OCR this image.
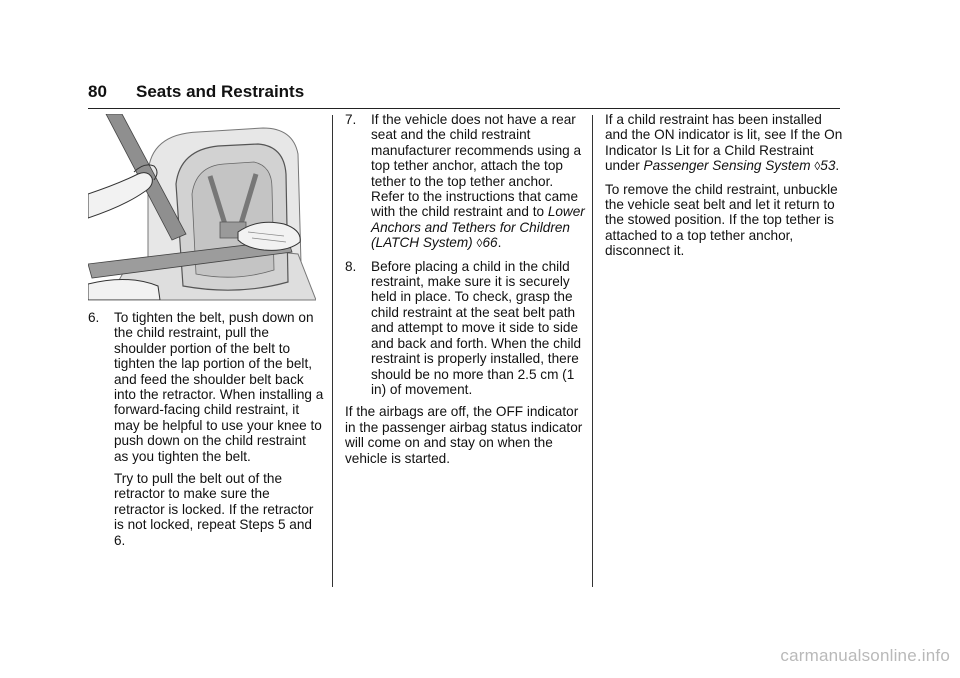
80 Seats and Restraints
6. To tighten the belt, push down on the child restraint, pull the shoulder portion of the belt to tighten the lap portion of the belt, and feed the shoulder belt back into the retractor. When installing a forward-facing child restraint, it may be helpful to use your knee to push down on the child restraint as you tighten the belt.
Try to pull the belt out of the retractor to make sure the retractor is locked. If the retractor is not locked, repeat Steps 5 and 6.
7. If the vehicle does not have a rear seat and the child restraint manufacturer recommends using a top tether anchor, attach the top tether to the top tether anchor. Refer to the instructions that came with the child restraint and to Lower Anchors and Tethers for Children (LATCH System) ◊66.
8. Before placing a child in the child restraint, make sure it is securely held in place. To check, grasp the child restraint at the seat belt path and attempt to move it side to side and back and forth. When the child restraint is properly installed, there should be no more than 2.5 cm (1 in) of movement.

If the airbags are off, the OFF indicator in the passenger airbag status indicator will come on and stay on when the vehicle is started.

If a child restraint has been installed and the ON indicator is lit, see If the On Indicator Is Lit for a Child Restraint under Passenger Sensing System ◊53.

To remove the child restraint, unbuckle the vehicle seat belt and let it return to the stowed position. If the top tether is attached to a top tether anchor, disconnect it.

carmanualsonline.info
